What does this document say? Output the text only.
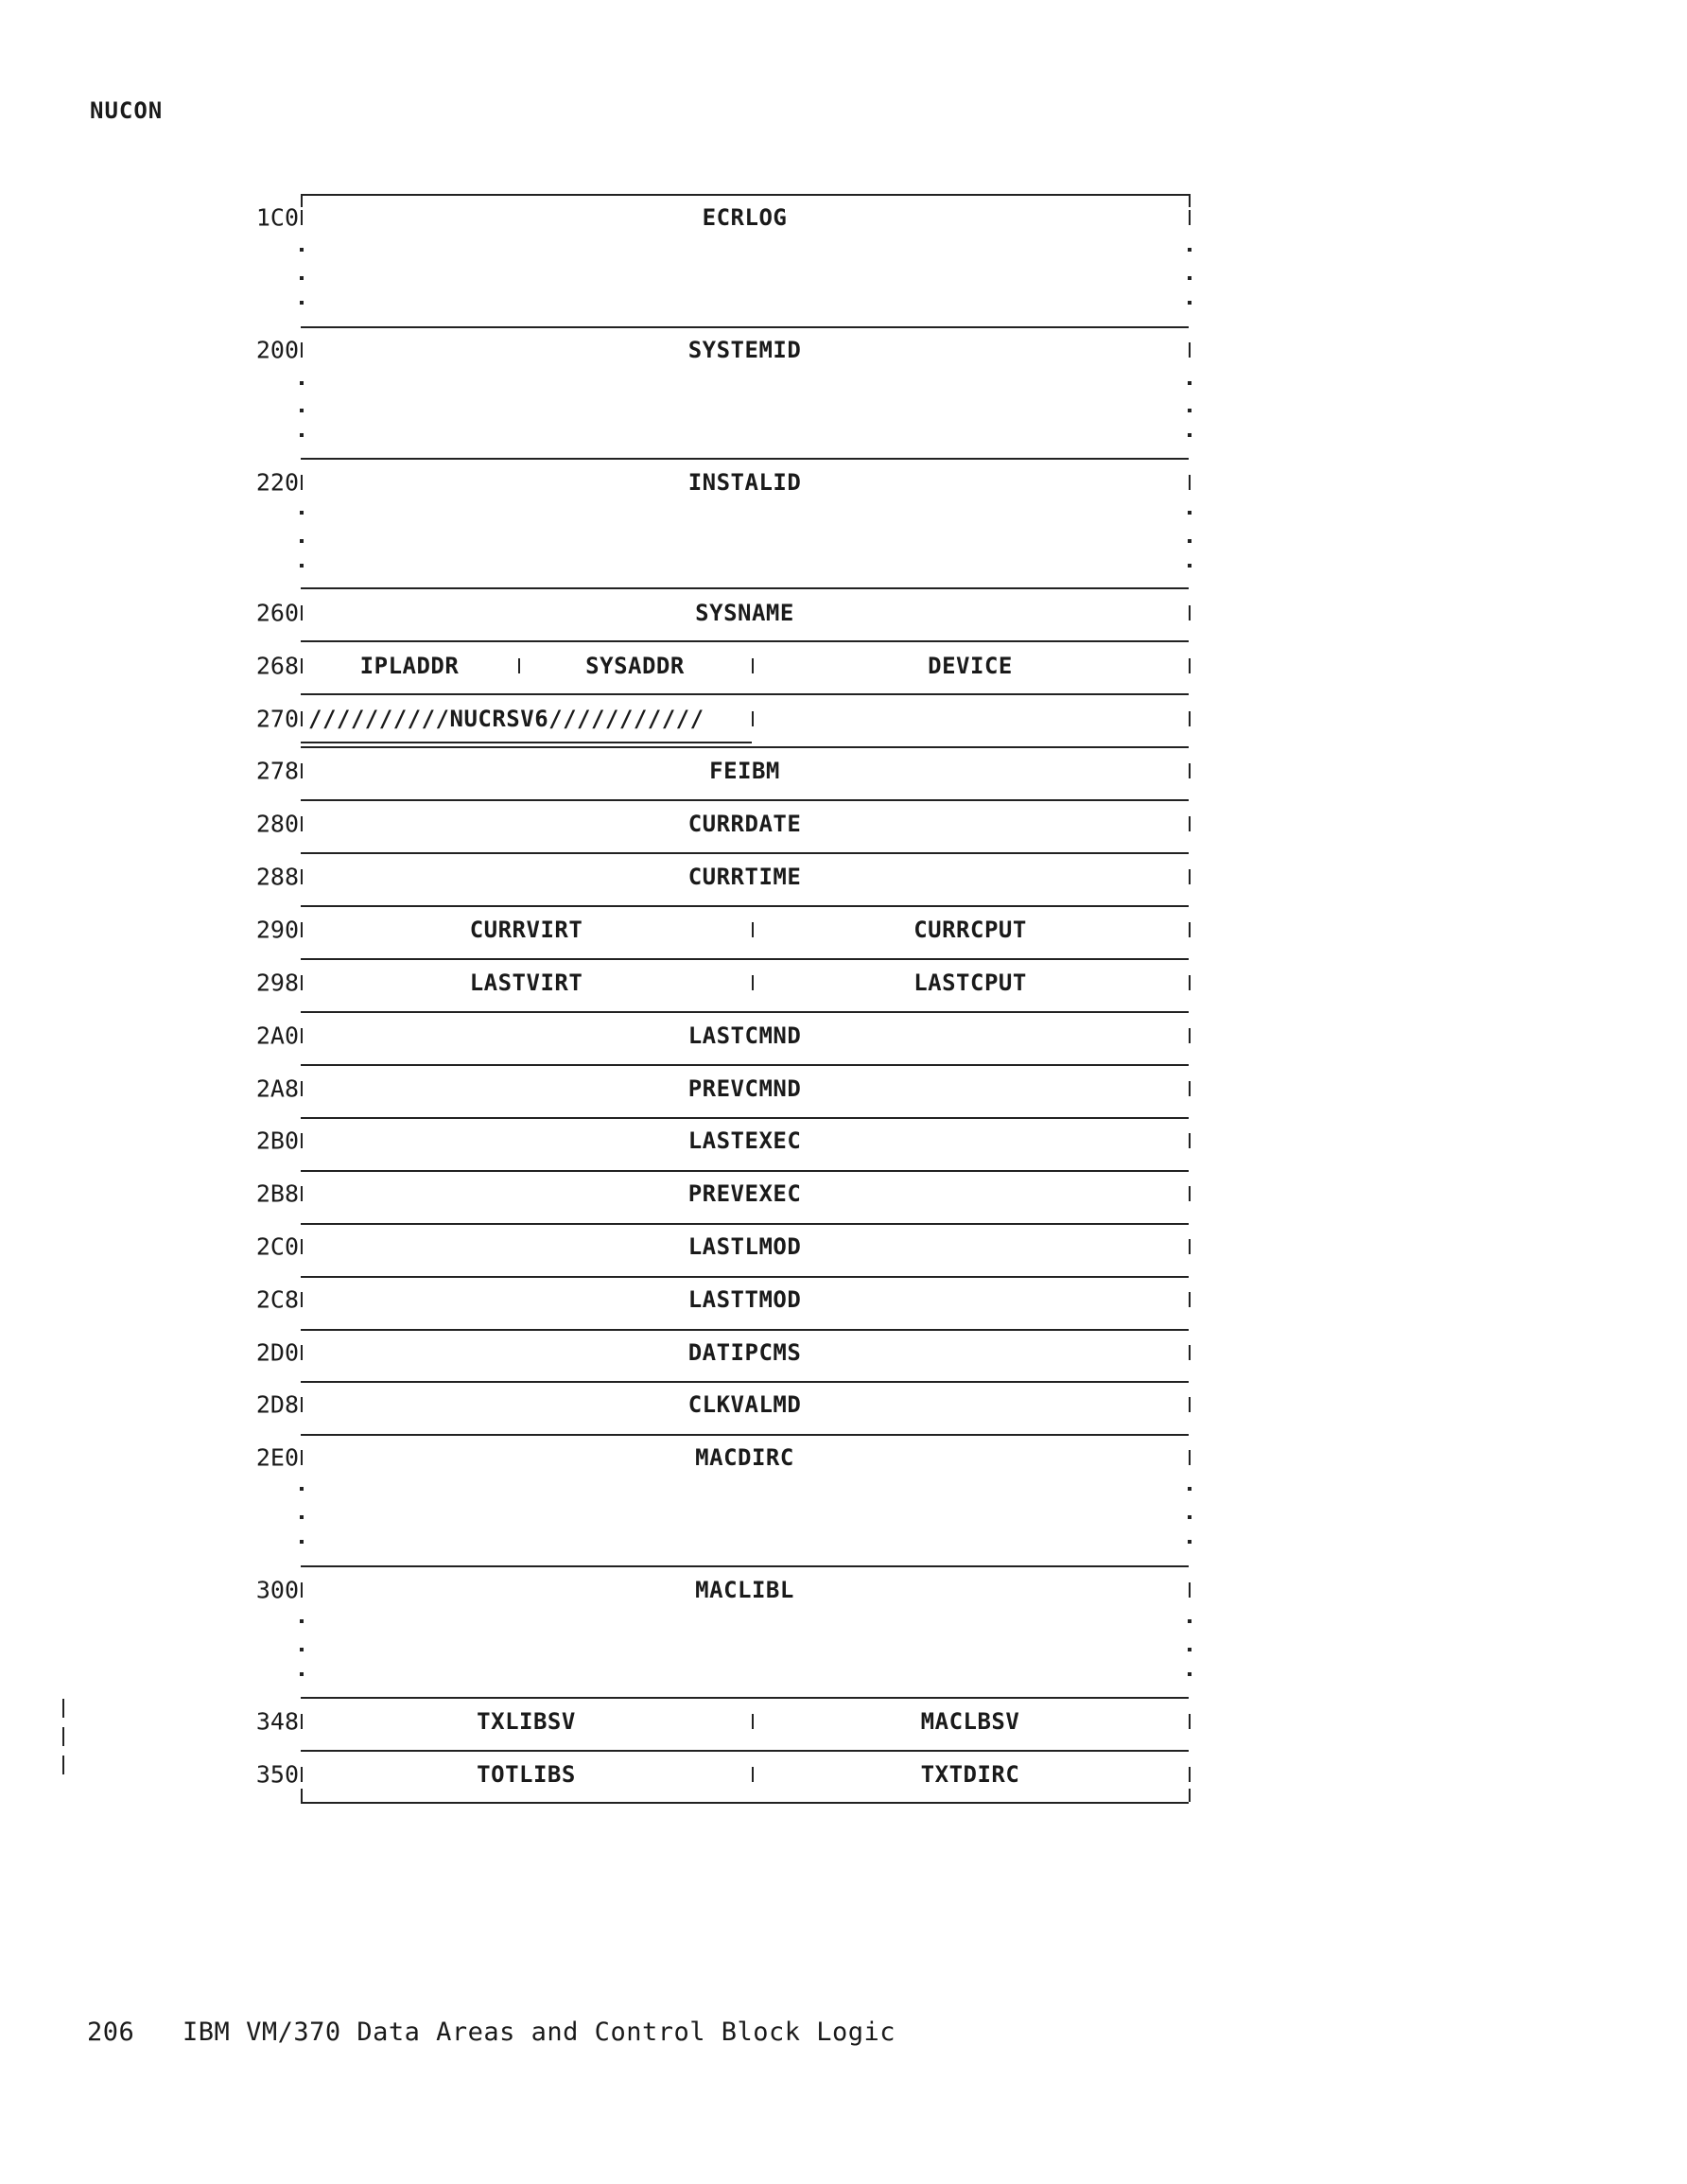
NUCON
1C0	ECRLOG
200	SYSTEMID
220	INSTALID
260	SYSNAME
268	IPLADDR	SYSADDR	DEVICE
270 //////////NUCRSV6///////////
278	FEIBM
280	CURRDATE
288	CURRTIME
290	CURRVIRT	CURRCPUT
298	LASTVIRT	LASTCPUT
2A0	LASTCMND
2A8	PREVCMND
2B0	LASTEXEC
2B8	PREVEXEC
2C0	LASTLMOD
2C8	LASTTMOD
2D0	DATIPCMS
2D8	CLKVALMD
2E0	MACDIRC
300	MACLIBL
348	TXLIBSV	MACLBSV
350	TOTLIBS	TXTDIRC
206 IBM VM/370 Data Areas and Control Block Logic
